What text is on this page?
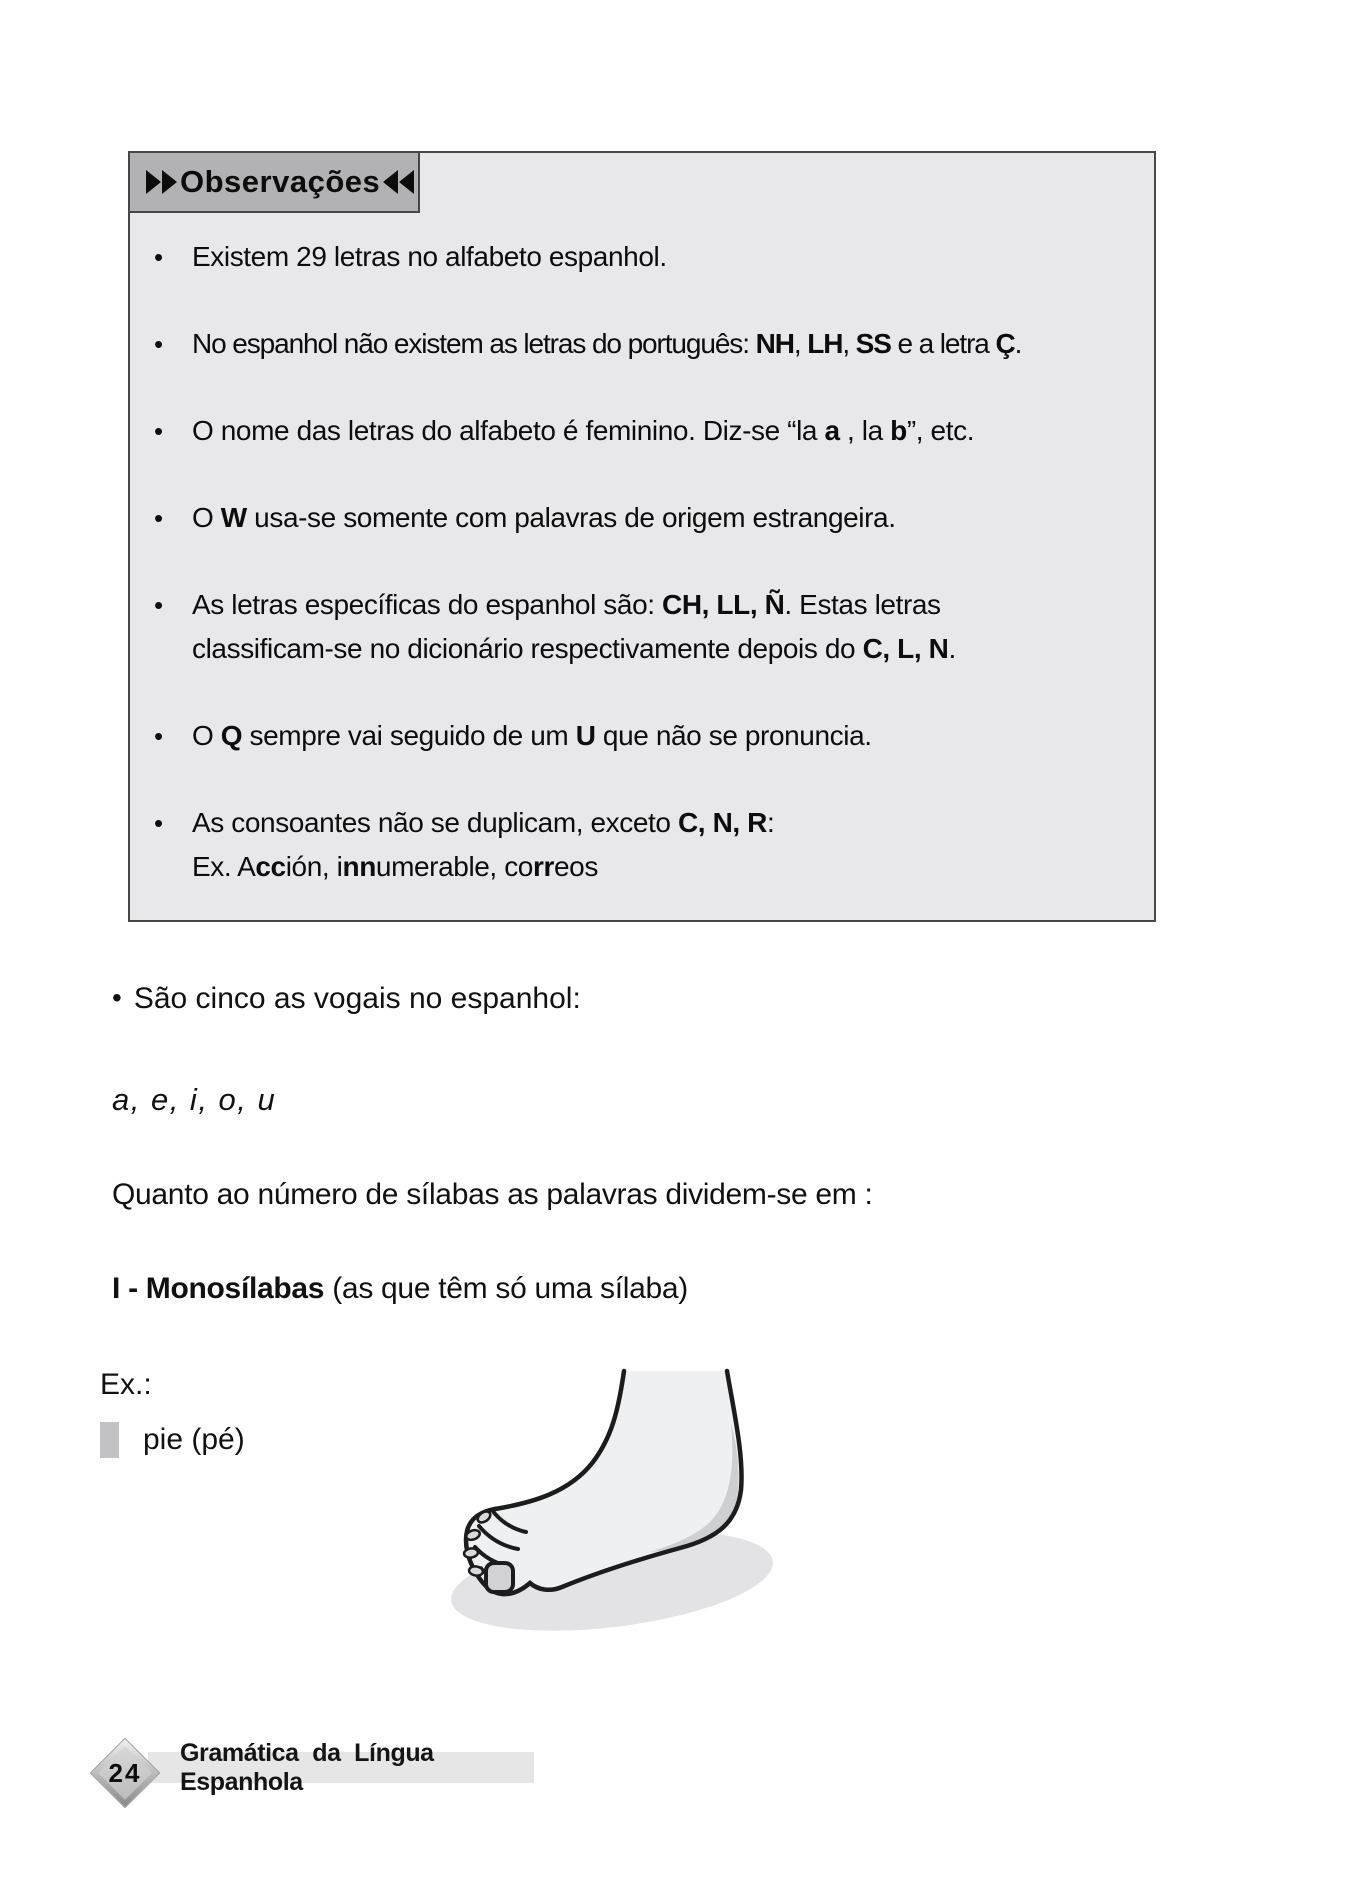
Observações
•	Existem 29 letras no alfabeto espanhol.
•	No espanhol não existem as letras do português: NH, LH, SS e a letra Ç.
•	O nome das letras do alfabeto é feminino. Diz-se “la a , la b”, etc.
•	O W usa-se somente com palavras de origem estrangeira.
•	As letras específicas do espanhol são: CH, LL, Ñ. Estas letras
classificam-se no dicionário respectivamente depois do C, L, N.
•	O Q sempre vai seguido de um U que não se pronuncia.
•	As consoantes não se duplicam, exceto C, N, R:
Ex. Acción, innumerable, correos
• São cinco as vogais no espanhol:
a, e, i, o, u
Quanto ao número de sílabas as palavras dividem-se em :
I - Monosílabas (as que têm só uma sílaba)
Ex.:
pie (pé)
Gramática da Língua Espanhola
24
